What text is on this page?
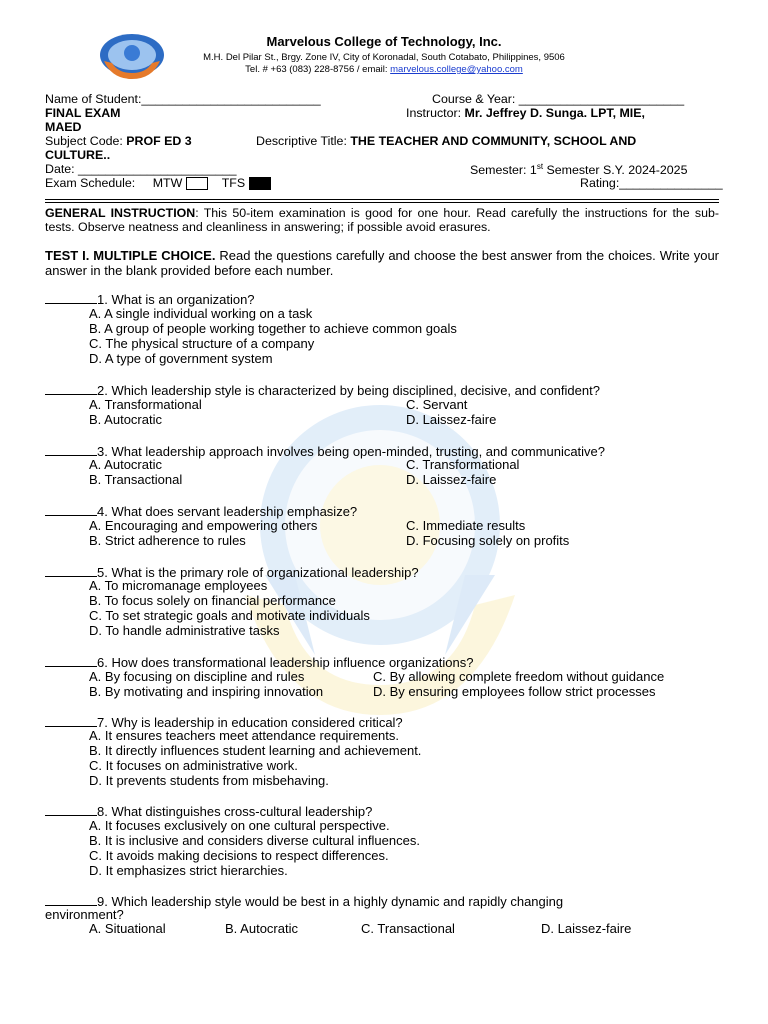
Marvelous College of Technology, Inc.
M.H. Del Pilar St., Brgy. Zone IV, City of Koronadal, South Cotabato, Philippines, 9506
Tel. # +63 (083) 228-8756 / email: marvelous.college@yahoo.com
Name of Student:__________________________	Course & Year: ________________________
FINAL EXAM	Instructor: Mr. Jeffrey D. Sunga. LPT, MIE,
MAED
Subject Code: PROF ED 3	Descriptive Title: THE TEACHER AND COMMUNITY, SCHOOL AND
CULTURE..
Date: _______________________	Semester: 1st Semester S.Y. 2024-2025
Exam Schedule: MTW	TFS	Rating:_______________
GENERAL INSTRUCTION: This 50-item examination is good for one hour. Read carefully the instructions for the sub-tests. Observe neatness and cleanliness in answering; if possible avoid erasures.
TEST I. MULTIPLE CHOICE. Read the questions carefully and choose the best answer from the choices. Write your answer in the blank provided before each number.
1. What is an organization?
A. A single individual working on a task
B. A group of people working together to achieve common goals
C. The physical structure of a company
D. A type of government system
2. Which leadership style is characterized by being disciplined, decisive, and confident?
A. Transformational	C. Servant
B. Autocratic	D. Laissez-faire
3. What leadership approach involves being open-minded, trusting, and communicative?
A. Autocratic	C. Transformational
B. Transactional	D. Laissez-faire
4. What does servant leadership emphasize?
A. Encouraging and empowering others	C. Immediate results
B. Strict adherence to rules	D. Focusing solely on profits
5. What is the primary role of organizational leadership?
A. To micromanage employees
B. To focus solely on financial performance
C. To set strategic goals and motivate individuals
D. To handle administrative tasks
6. How does transformational leadership influence organizations?
A. By focusing on discipline and rules	C. By allowing complete freedom without guidance
B. By motivating and inspiring innovation	D. By ensuring employees follow strict processes
7. Why is leadership in education considered critical?
A. It ensures teachers meet attendance requirements.
B. It directly influences student learning and achievement.
C. It focuses on administrative work.
D. It prevents students from misbehaving.
8. What distinguishes cross-cultural leadership?
A. It focuses exclusively on one cultural perspective.
B. It is inclusive and considers diverse cultural influences.
C. It avoids making decisions to respect differences.
D. It emphasizes strict hierarchies.
9. Which leadership style would be best in a highly dynamic and rapidly changing
environment?
A. Situational	B. Autocratic	C. Transactional	D. Laissez-faire
